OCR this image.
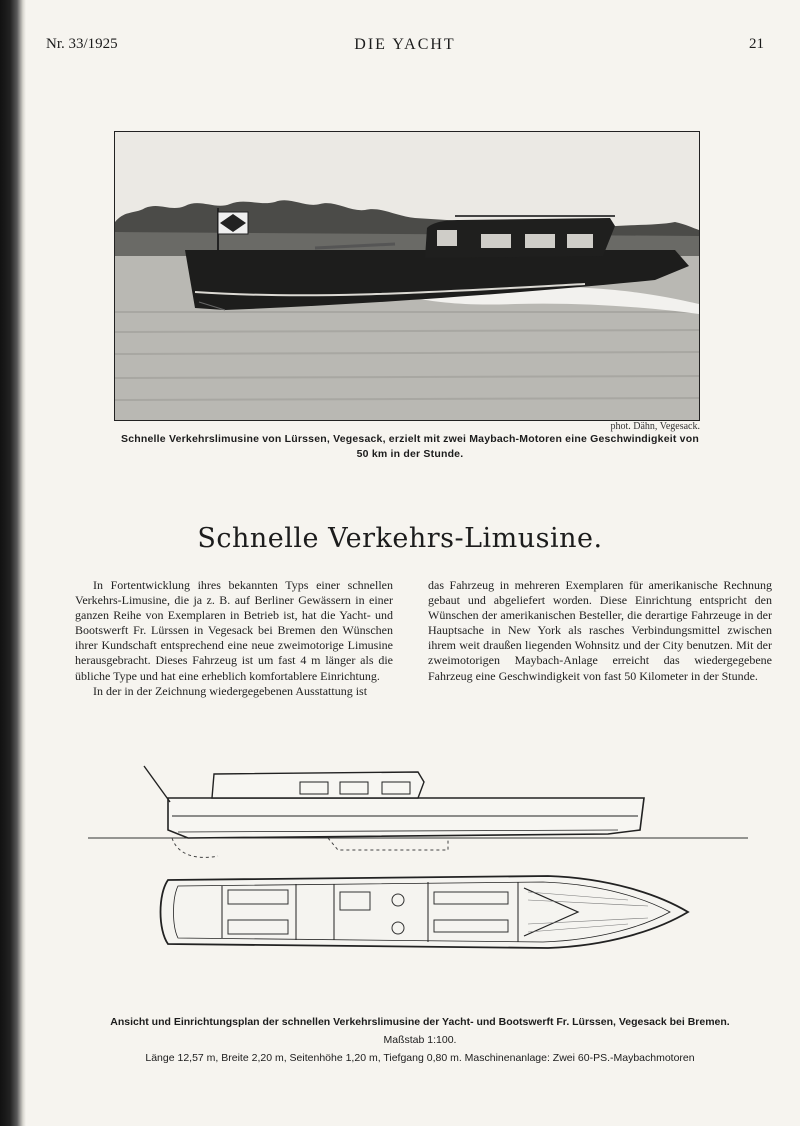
Nr. 33/1925	DIE YACHT	21
phot. Dähn, Vegesack.
Schnelle Verkehrslimusine von Lürssen, Vegesack, erzielt mit zwei Maybach-Motoren eine Geschwindigkeit von 50 km in der Stunde.
Schnelle Verkehrs-Limusine.

In Fortentwicklung ihres bekannten Typs einer schnellen Verkehrs-Limusine, die ja z. B. auf Berliner Gewässern in einer ganzen Reihe von Exemplaren in Betrieb ist, hat die Yacht- und Bootswerft Fr. Lürssen in Vegesack bei Bremen den Wünschen ihrer Kundschaft entsprechend eine neue zweimotorige Limusine herausgebracht. Dieses Fahrzeug ist um fast 4 m länger als die übliche Type und hat eine erheblich komfortablere Einrichtung.

In der in der Zeichnung wiedergegebenen Ausstattung ist

das Fahrzeug in mehreren Exemplaren für amerikanische Rechnung gebaut und abgeliefert worden. Diese Einrichtung entspricht den Wünschen der amerikanischen Besteller, die derartige Fahrzeuge in der Hauptsache in New York als rasches Verbindungsmittel zwischen ihrem weit draußen liegenden Wohnsitz und der City benutzen. Mit der zweimotorigen Maybach-Anlage erreicht das wiedergegebene Fahrzeug eine Geschwindigkeit von fast 50 Kilometer in der Stunde.

Ansicht und Einrichtungsplan der schnellen Verkehrslimusine der Yacht- und Bootswerft Fr. Lürssen, Vegesack bei Bremen.
Maßstab 1:100.
Länge 12,57 m, Breite 2,20 m, Seitenhöhe 1,20 m, Tiefgang 0,80 m. Maschinenanlage: Zwei 60-PS.-Maybachmotoren
